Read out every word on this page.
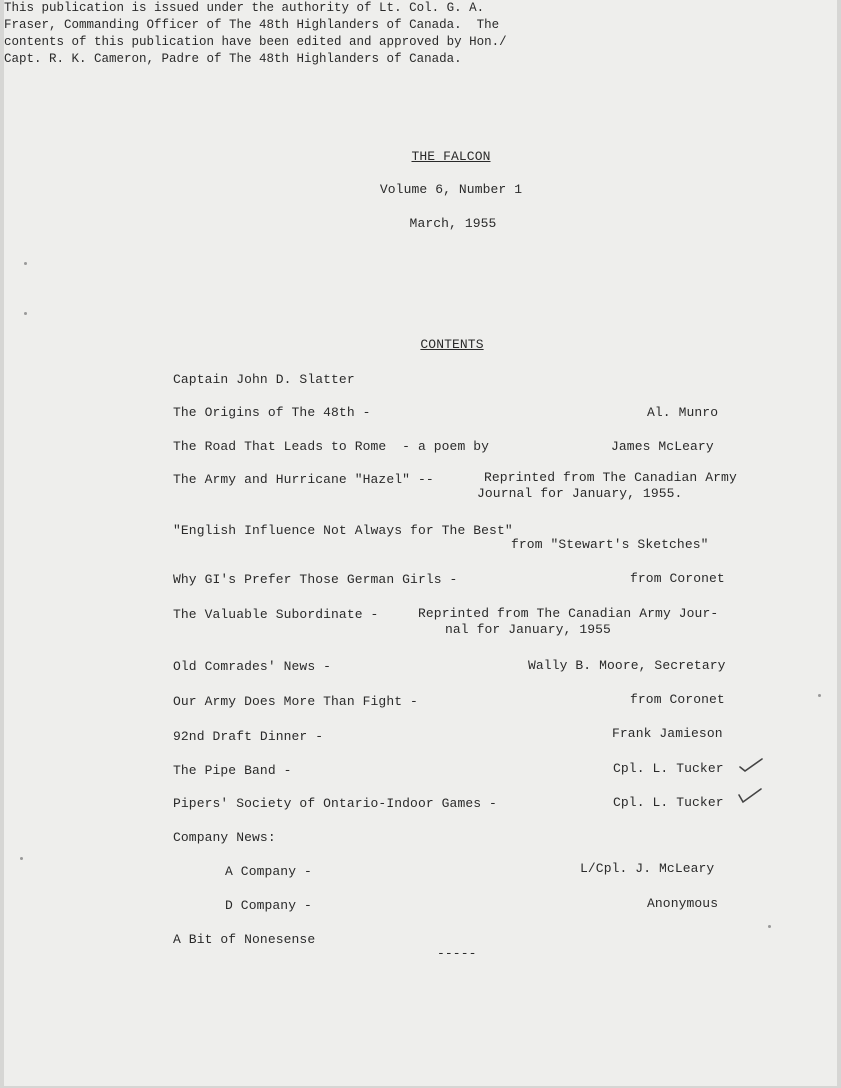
THE FALCON
Volume 6, Number 1
March, 1955
This publication is issued under the authority of Lt. Col. G. A.
Fraser, Commanding Officer of The 48th Highlanders of Canada.  The
contents of this publication have been edited and approved by Hon./
Capt. R. K. Cameron, Padre of The 48th Highlanders of Canada.
CONTENTS
Captain John D. Slatter
The Origins of The 48th -	Al. Munro
The Road That Leads to Rome  - a poem by	James McLeary
The Army and Hurricane "Hazel" --	Reprinted from The Canadian Army
Journal for January, 1955.
"English Influence Not Always for The Best"
from "Stewart's Sketches"
Why GI's Prefer Those German Girls -	from Coronet
The Valuable Subordinate -	Reprinted from The Canadian Army Jour-
nal for January, 1955
Old Comrades' News -	Wally B. Moore, Secretary
Our Army Does More Than Fight -	from Coronet
92nd Draft Dinner -	Frank Jamieson
The Pipe Band -	Cpl. L. Tucker
Pipers' Society of Ontario-Indoor Games -	Cpl. L. Tucker
Company News:
A Company -	L/Cpl. J. McLeary
D Company -	Anonymous
A Bit of Nonesense
-----
